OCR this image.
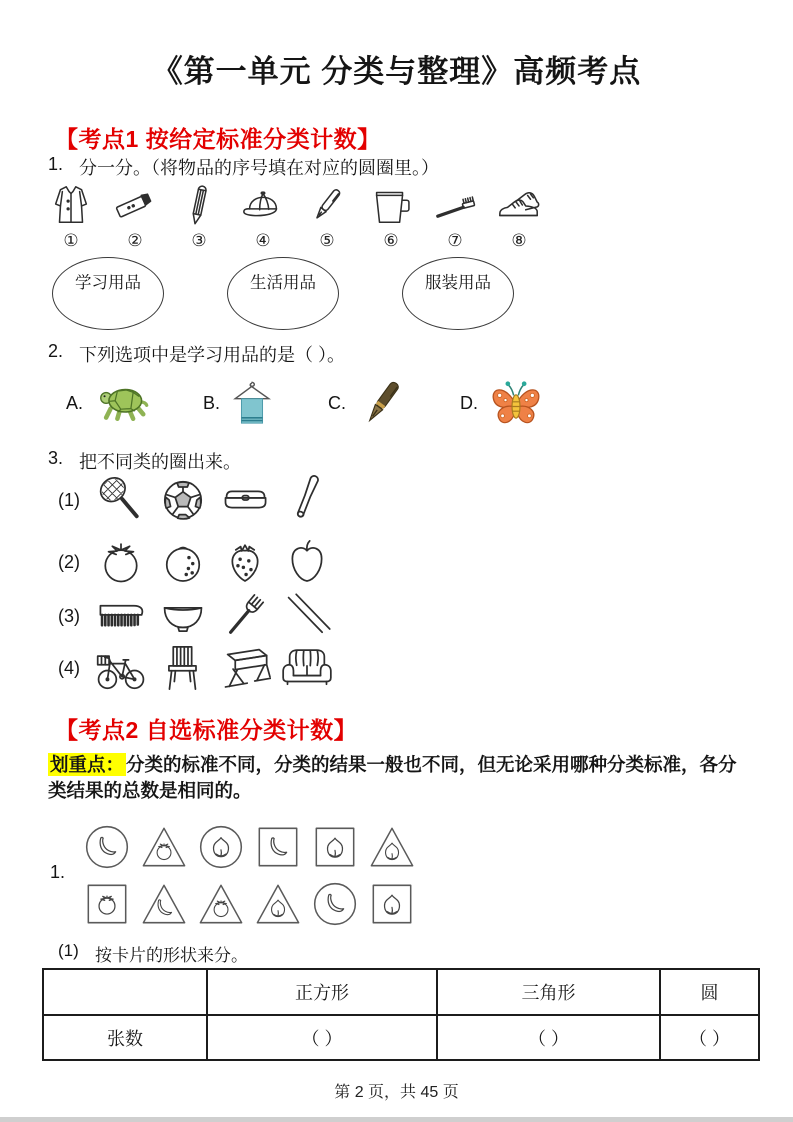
《第一单元 分类与整理》高频考点
【考点1 按给定标准分类计数】
1. 分一分。（将物品的序号填在对应的圆圈里。）
①	②	③	④	⑤	⑥	⑦	⑧
学习用品	生活用品	服装用品
2. 下列选项中是学习用品的是（ ）。
A.	B.	C.	D.
3. 把不同类的圈出来。
(1)
(2)
(3)
(4)
【考点2 自选标准分类计数】
划重点： 分类的标准不同，分类的结果一般也不同，但无论采用哪种分类标准，各分类结果的总数是相同的。
1.
(1) 按卡片的形状来分。
	正方形	三角形	圆
张数	（ ）	（ ）	（ ）
第 2 页，共 45 页
